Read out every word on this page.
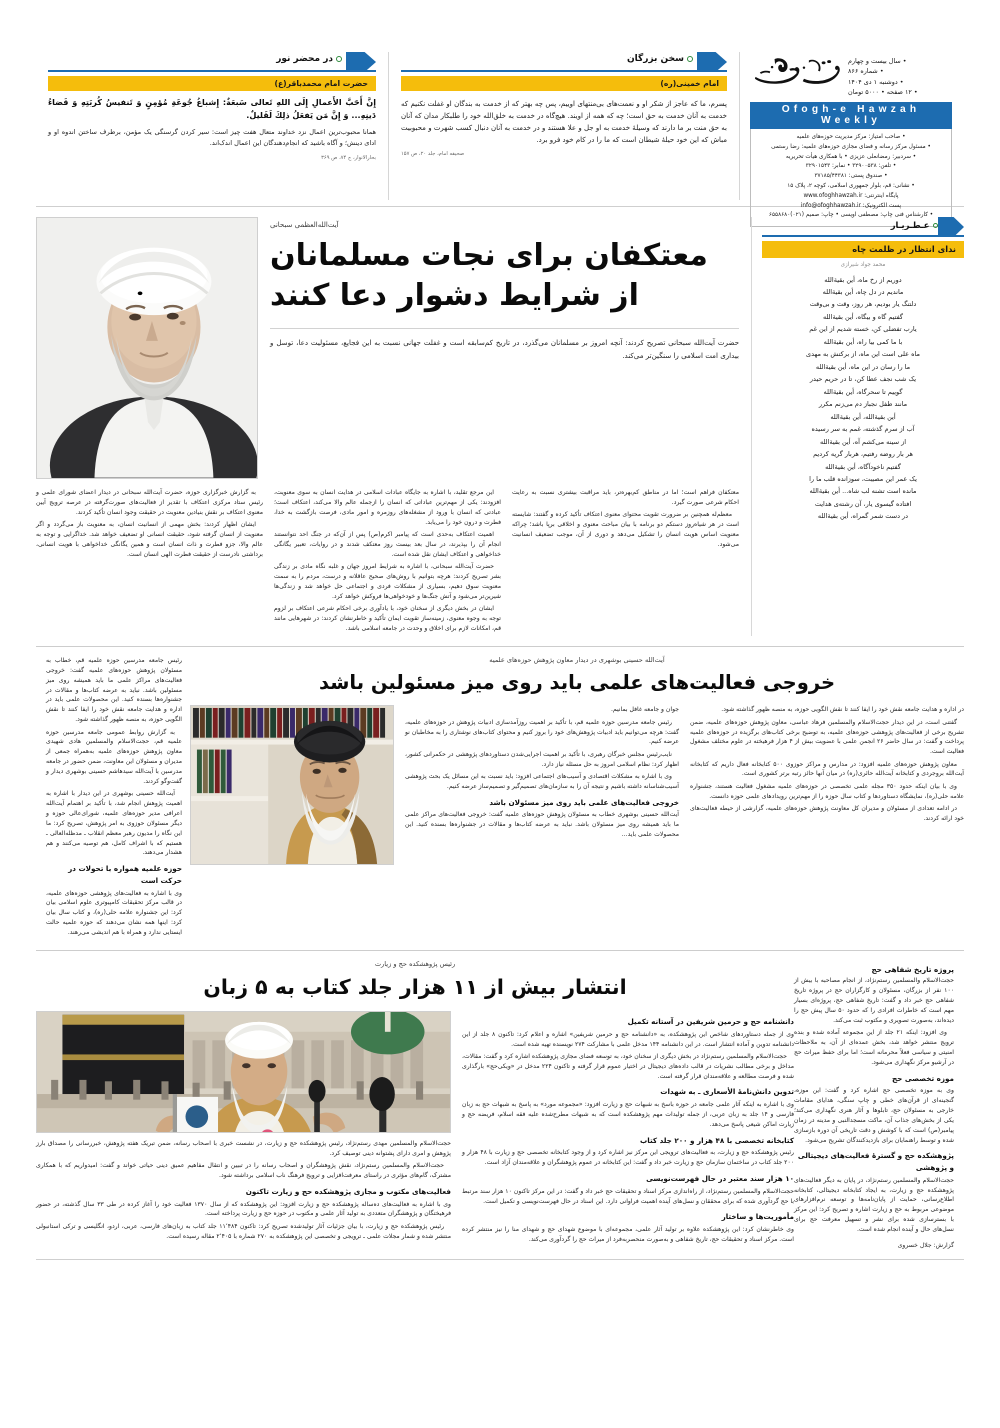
در محضر نور
حضرت امام محمدباقر(ع)
إِنَّ أَحَبَّ الأَعمالِ إِلَى اللهِ تَعالى سَبعَةٌ: إِشباعُ جُوعَةِ مُؤمِنٍ وَ تَنفیسُ کُربَتِهِ وَ قَضاءُ دَینِهِ... وَ إِنَّ مَن یَفعَلُ ذلِكَ لَقَلیلٌ.
همانا محبوب‌ترین اعمال نزد خداوند متعال هفت چیز است: سیر کردن گرسنگی یک مؤمن، برطرف ساختن اندوه او و ادای دینش؛ و آگاه باشید که انجام‌دهندگان این اعمال اندک‌اند.
بحارالانوار، ج ۷۴، ص ۳۶۹
سخن بزرگان
امام خمینی(ره)
پسرم، ما که عاجز از شکر او و نعمت‌های بی‌منتهای اوییم، پس چه بهتر که از خدمت به بندگان او غفلت نکنیم که خدمت به آنان خدمت به حق است؛ چه که همه از اویند. هیچ‌گاه در خدمت به خلق‌الله خود را طلبکار مدان که آنان به حق منت بر ما دارند که وسیلۀ خدمت به او جل و علا هستند و در خدمت به آنان دنبال کسب شهرت و محبوبیت مباش که این خود حیلۀ شیطان است که ما را در کام خود فرو برد.
صحیفه امام، جلد ۲۰، ص ۱۵۷
• سال بیست و چهارم
• شماره ۸۶۶
• دوشنبه ۱ دی ۱۴۰۴
• ۱۲ صفحه • ۵۰۰۰ تومان
Ofogh-e Hawzah Weekly
• صاحب امتیاز: مرکز مدیریت حوزه‌های علمیه
• مسئول مرکز رسانه و فضای مجازی حوزه‌های علمیه: رضا رستمی
• سردبیر: رمضانعلی عزیزی • با همکاری هیأت تحریریه
• تلفن: ۳۲۹۰۰۵۳۸ • نمابر: ۳۲۹۰۱۵۴۳
• صندوق پستی: ۳۷۱۸۵/۴۴۳۸۱
• نشانی: قم، بلوار جمهوری اسلامی، کوچه ۲، پلاک ۱۵
پایگاه اینترنتی: www.ofoghhawzah.ir
پست الکترونیک: info@ofoghhawzah.ir
• کارشناس فنی چاپ: مصطفی اویسی • چاپ: صمیم (۰۲۱)۶۵۵۸۶۸۰
آیت‌الله‌العظمی سبحانی
معتکفان برای نجات مسلمانان
از شرایط دشوار دعا کنند
حضرت آیت‌الله سبحانی تصریح کردند: آنچه امروز بر مسلمانان می‌گذرد، در تاریخ کم‌سابقه است و غفلت جهانی نسبت به این فجایع، مسئولیت دعا، توسل و بیداری امت اسلامی را سنگین‌تر می‌کند.

به گزارش خبرگزاری حوزه، حضرت آیت‌الله سبحانی در دیدار اعضای شورای علمی و رئیس ستاد مرکزی اعتکاف با تقدیر از فعالیت‌های صورت‌گرفته در عرصه ترویج آیین معنوی اعتکاف بر نقش بنیادین معنویت در حقیقت وجود انسان تأکید کردند.

ایشان اظهار کردند: بخش مهمی از انسانیت انسان، به معنویت باز می‌گردد و اگر معنویت از انسان گرفته شود، حقیقت انسانی او تضعیف خواهد شد. خداگرایی و توجه به عالم والا، جزو فطرت و ذات انسان است و همین یگانگی خداخواهی با هویت انسانی، برداشتی نادرست از حقیقت فطرت الهی انسان است.

این مرجع تقلید، با اشاره به جایگاه عبادات اسلامی در هدایت انسان به سوی معنویت، افزودند: یکی از مهم‌ترین عباداتی که انسان را ازجمله عالم والا می‌کند، اعتکاف است؛ عبادتی که انسان با ورود از مشغله‌های روزمره و امور مادی، فرصت بازگشت به خدا، فطرت و درون خود را می‌یابد.

اهمیت اعتکاف به‌حدی است که پیامبر اکرم(ص) پس از آن‌که در جنگ احد نتوانستند انجام آن را بپذیرند، در سال بعد بیست روز معتکف شدند و در روایات، تعبیر یگانگی خداخواهی و اعتکاف ایشان نقل شده است.

حضرت آیت‌الله سبحانی، با اشاره به شرایط امروز جهان و غلبه نگاه مادی بر زندگی بشر تصریح کردند: هرچه بتوانیم با روش‌های صحیح عاقلانه و درست، مردم را به سمت معنویت سوق دهیم، بسیاری از مشکلات فردی و اجتماعی حل خواهد شد و زندگی‌ها شیرین‌تر می‌شود و آتش جنگ‌ها و خودخواهی‌ها فروکش خواهد کرد.

ایشان در بخش دیگری از سخنان خود، با یادآوری برخی احکام شرعی اعتکاف بر لزوم توجه به وجوه معنوی، زمینه‌ساز تقویت ایمان تأکید و خاطرنشان کردند: در شهرهایی مانند قم، امکانات لازم برای اخلاق و وحدت در جامعه اسلامی باشد.

معتکفان فراهم است؛ اما در مناطق کم‌بهره‌تر، باید مراقبت بیشتری نسبت به رعایت احکام شرعی صورت گیرد.

معظم‌له همچنین بر ضرورت تقویت محتوای معنوی اعتکاف تأکید کرده و گفتند: شایسته است در هر شیاه‌روز دستکم دو برنامه با بیان مباحث معنوی و اخلاقی برپا باشد؛ چراکه معنویت اساس هویت انسان را تشکیل می‌دهد و دوری از آن، موجب تضعیف انسانیت می‌شود.

عـطـریـار
ندای انتظار در ظلمت چاه
محمد جواد شیرازی
دوریم از رخ ماه، أین بقیةالله
ماندیم در دل چاه، أین بقیةالله
دلتنگ یار بودیم، هر روز، وقت و بی‌وقت
گفتیم گاه و بیگاه، أین بقیةالله
یارب تفضلی کن، خسته شدیم از این غم
با ما کمی بیا راه، أین بقیةالله
ماه علی است این ماه، از برکتش به مهدی
ما را رسان در این ماه، أین بقیةالله
یک شب نجف عطا کن، تا در حریم حیدر
گوییم تا سحرگاه، أین بقیةالله
مانند طفل نجباز دم می‌زنم مکرر
أین بقیةالله، أین بقیةالله
آب از سرم گذشته، غمم به سر رسیده
از سینه می‌کشم آه، أین بقیةالله
هر بار روضه رفتیم، هربار گریه کردیم
گفتیم ناخودآگاه، أین بقیةالله
یک عمر این مصیبت، سوزانده قلب ما را
مانده است تشنه لب شاه... أین بقیةالله
افتاده گیسوی یار، آن رشته‌ی هدایت
در دست شمر گمراه، أین بقیةالله

رئیس جامعه مدرسین حوزه علمیه قم، خطاب به مسئولان پژوهش حوزه‌های علمیه گفت: خروجی فعالیت‌های مراکز علمی ما باید همیشه روی میز مسئولین باشد. نباید به عرضه کتاب‌ها و مقالات در جشنواره‌ها بسنده کنید. این محصولات علمی باید در اداره و هدایت جامعه نقش خود را ایفا کنند تا نقش الگویی حوزه، به منصه ظهور گذاشته شود.

به گزارش روابط عمومی جامعه مدرسین حوزه علمیه قم، حجت‌الاسلام والمسلمین هادی شهیدی معاون پژوهش حوزه‌های علمیه به‌همراه جمعی از مدیران و مسئولان این معاونت، ضمن حضور در جامعه مدرسین با آیت‌الله سیدهاشم حسینی بوشهری دیدار و گفت‌وگو کردند.

آیت‌الله حسینی بوشهری در این دیدار با اشاره به اهمیت پژوهش انجام شد، با تأکید بر اهتمام آیت‌الله اعرافی مدیر حوزه‌های علمیه، شورای‌عالی حوزه و دیگر مسئولان حوزوی به امر پژوهش، تصریح کرد: ما این نگاه را مدیون رهبر معظم انقلاب ـ مدظله‌العالی ـ هستیم که با اشراف کامل، هم توصیه می‌کنند و هم هشدار می‌دهند.

حوزه علمیه همواره با تحولات در حرکت است

وی با اشاره به فعالیت‌های پژوهشی حوزه‌های علمیه، در قالب مرکز تحقیقات کامپیوتری علوم اسلامی بیان کرد: این جشنواره علامه حلی(ره)، و کتاب سال بیان کرد: اینها همه نشان می‌دهند که حوزه علمیه حالت ایستایی ندارد و همراه با هم اندیشی می‌رهند.

آیت‌الله حسینی بوشهری در دیدار معاون پژوهش حوزه‌های علمیه
خروجی فعالیت‌های علمی باید روی میز مسئولین باشد

جوان و جامعه غافل بمانیم.

رئیس جامعه مدرسین حوزه علمیه قم، با تأکید بر اهمیت روزآمدسازی ادبیات پژوهش در حوزه‌های علمیه، گفت: هرچه می‌توانیم باید ادبیات پژوهش‌های خود را بروز کنیم و محتوای کتاب‌های نوشتاری را به مخاطبان نو عرضه کنیم.

نایب‌رئیس مجلس خبرگان رهبری، با تأکید بر اهمیت اجرایی‌شدن دستاوردهای پژوهشی در حکمرانی کشور، اظهار کرد: نظام اسلامی امروز به حل مسئله نیاز دارد.

وی با اشاره به مشکلات اقتصادی و آسیب‌های اجتماعی افزود: باید نسبت به این مسائل یک بحث پژوهشی آسیب‌شناسانه داشته باشیم و نتیجه آن را به سازمان‌های تصمیم‌گیر و تصمیم‌ساز عرضه کنیم.

خروجی فعالیت‌های علمی باید روی میز مسئولان باشد

آیت‌الله حسینی بوشهری خطاب به مسئولان پژوهش حوزه‌های علمیه گفت: خروجی فعالیت‌های مراکز علمی ما باید همیشه روی میز مسئولان باشد. نباید به عرضه کتاب‌ها و مقالات در جشنواره‌ها بسنده کنید. این محصولات علمی باید...

در اداره و هدایت جامعه نقش خود را ایفا کنند تا نقش الگویی حوزه، به منصه ظهور گذاشته شود.

گفتنی است، در این دیدار حجت‌الاسلام والمسلمین فرهاد عباسی، معاون پژوهش حوزه‌های علمیه، ضمن تشریح برخی از فعالیت‌های پژوهشی حوزه‌های علمیه، به توضیح برخی کتاب‌های برگزیده در حوزه‌های علمیه پرداخت و گفت: در سال حاضر ۲۶ انجمن علمی با عضویت بیش از ۴ هزار فرهیخته در علوم مختلف مشغول فعالیت است.

معاون پژوهش حوزه‌های علمیه افزود: در مدارس و مراکز حوزوی ۵۰۰ کتابخانه فعال داریم که کتابخانه آیت‌الله بروجردی و کتابخانه آیت‌الله حائری(ره) در میان آنها حائز رتبه برتر کشوری است.

وی با بیان اینکه حدود ۳۵۰ مجله علمی تخصصی در حوزه‌های علمیه مشغول فعالیت هستند، جشنواره علامه حلی(ره)، نمایشگاه دستاوردها و کتاب سال حوزه را از مهم‌ترین رویدادهای علمی حوزه دانست.

در ادامه تعدادی از مسئولان و مدیران کل معاونت پژوهش حوزه‌های علمیه، گزارشی از حیطه فعالیت‌های خود ارائه کردند.

رئیس پژوهشکده حج و زیارت
انتشار بیش از ۱۱ هزار جلد کتاب به ۵ زبان

حجت‌الاسلام والمسلمین مهدی رستم‌نژاد، رئیس پژوهشکده حج و زیارت، در نشست خبری با اصحاب رسانه، ضمن تبریک هفته پژوهش، خبررسانی را مصداق بارز پژوهش و امری دارای پشتوانه دینی توصیف کرد.

حجت‌الاسلام والمسلمین رستم‌نژاد، نقش پژوهشگران و اصحاب رسانه را در تبیین و انتقال مفاهیم عمیق دینی حیاتی خواند و گفت: امیدواریم که با همکاری مشترک، گام‌های مؤثری در راستای معرفت‌افزایی و ترویج فرهنگ ناب اسلامی برداشته شود.

فعالیت‌های مکتوب و مجازی پژوهشکده حج و زیارت تاکنون

وی با اشاره به فعالیت‌های ده‌ساله پژوهشکده حج و زیارت افزود: این پژوهشکده که از سال ۱۳۷۰ فعالیت خود را آغاز کرده در طی ۳۳ سال گذشته، در حضور فرهیختگان و پژوهشگران متعددی به تولید آثار علمی و مکتوب در حوزه حج و زیارت پرداخته است.

رئیس پژوهشکده حج و زیارت، با بیان جزئیات آثار تولیدشده تصریح کرد: تاکنون ۱۱٬۴۸۴ جلد کتاب به زبان‌های فارسی، عربی، اردو، انگلیسی و ترکی استانبولی منتشر شده و شمار مجلات علمی ـ ترویجی و تخصصی این پژوهشکده به ۲۷۰ شماره با ۲٬۴۰۵ مقاله رسیده است.

دانشنامه حج و حرمین شریفین در آستانه تکمیل

وی از جمله دستاوردهای شاخص این پژوهشکده، به «دانشنامه حج و حرمین شریفین» اشاره و اعلام کرد: تاکنون ۸ جلد از این دانشنامه تدوین و آماده انتشار است. در این دانشنامه ۱۴۴ مدخل علمی با مشارکت ۲۷۴ نویسنده تهیه شده است.

حجت‌الاسلام والمسلمین رستم‌نژاد در بخش دیگری از سخنان خود، به توسعه فضای مجازی پژوهشکده اشاره کرد و گفت: مقالات، مداخل و برخی مطالب نشریات در قالب داده‌های دیجیتال در اختیار عموم قرار گرفته و تاکنون ۲۲۴ مدخل در «ویکی‌حج» بارگذاری شده و فرصت مطالعه و علاقه‌مندان قرار گرفته است.

تدوین دانش‌نامۀ الأسعاری ـ به شهدات

وی با اشاره به اینکه آثار علمی جامعه در حوزه باسخ به شبهات حج و زیارت افزود: «مجموعه مورد» به پاسخ به شبهات حج به زبان فارسی و ۱۴ جلد به زبان عربی، از جمله تولیدات مهم پژوهشکده است که به شبهات مطرح‌شده علیه فقه اسلام، فریضه حج و زیارت اماکن شیعی پاسخ می‌دهد.

کتابخانه تخصصی با ۴۸ هزار و ۲۰۰ جلد کتاب

رئیس پژوهشکده حج و زیارت، به فعالیت‌های ترویجی این مرکز نیز اشاره کرد و از وجود کتابخانه تخصصی حج و زیارت با ۴۸ هزار و ۲۰۰ جلد کتاب در ساختمان سازمان حج و زیارت خبر داد و گفت: این کتابخانه در عموم پژوهشگران و علاقه‌مندان آزاد است.

۱۰ هزار سند معتبر در حال فهرست‌نویسی

حجت‌الاسلام والمسلمین رستم‌نژاد، از راه‌اندازی مرکز اسناد و تحقیقات حج خبر داد و گفت: در این مرکز تاکنون ۱۰ هزار سند مرتبط با حج گردآوری شده که برای محققان و نسل‌های آینده اهمیت فراوانی دارد. این اسناد در حال فهرست‌نویسی و تکمیل است.

مأموریت‌ها و ساختار

وی خاطرنشان کرد: این پژوهشکده علاوه بر تولید آثار علمی، مجموعه‌ای با موضوع شهدای حج و شهدای منا را نیز منتشر کرده است. مرکز اسناد و تحقیقات حج، تاریخ شفاهی و به‌صورت منحصربه‌فرد از میراث حج را گردآوری می‌کند.

پروژه تاریخ شفاهی حج

حجت‌الاسلام والمسلمین رستم‌نژاد، از انجام مصاحبه با بیش از ۱۰۰ نفر از بزرگان، مسئولان و کارگزاران حج در پروژه تاریخ شفاهی حج خبر داد و گفت: تاریخ شفاهی حج، پروژه‌ای بسیار مهم است که خاطرات افرادی را که حدود ۵۰ سال پیش حج را دیده‌اند، به‌صورت تصویری و مکتوب ثبت می‌کند.

وی افزود: اینکه ۲۱ جلد از این مجموعه آماده شده و بنده ترویج منتشر خواهد شد، بخش عمده‌ای از آن، به ملاحظات امنیتی و سیاسی فعلاً محرمانه است؛ اما برای حفظ میراث حج در آرشیو مرکز نگهداری می‌شود.

موزه تخصصی حج

وی به موزه تخصصی حج اشاره کرد و گفت: این موزه، گنجینه‌ای از قرآن‌های خطی و چاپ سنگی، هدایای مقامات خارجی به مسئولان حج، تابلوها و آثار هنری نگهداری می‌کند؛ یکی از بخش‌های جذاب آن، ماکت مسجدالنبی و مدینه در زمان پیامبر(ص) است که با کوشش و دقت تاریخی آن دوره بازسازی شده و توسط راهنمایان برای بازدیدکنندگان تشریح می‌شود.

پژوهشکده حج و گسترۀ فعالیت‌های دیجیتالی و پژوهشی

حجت‌الاسلام والمسلمین رستم‌نژاد، در پایان به دیگر فعالیت‌های پژوهشکده حج و زیارت، به ایجاد کتابخانه دیجیتالی، کتابخانه اطلاع‌رسانی، حمایت از پایان‌نامه‌ها و توسعه نرم‌افزارهای موضوعی مربوط به حج و زیارت اشاره و تصریح کرد: این مرکز با بسترسازی شده برای نشر و تسهیل معرفت حج برای نسل‌های حال و آینده انجام شده است.

گزارش: جلال خسروی
